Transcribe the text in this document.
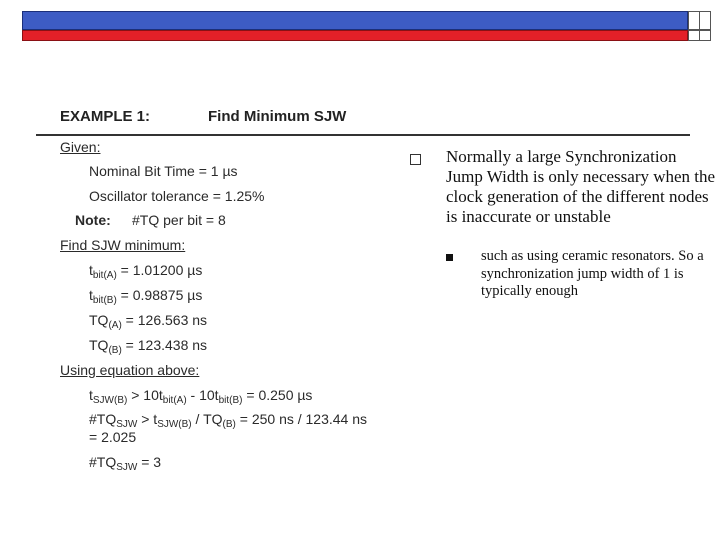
EXAMPLE 1:	Find Minimum SJW
Given:
Nominal Bit Time = 1 µs
Oscillator tolerance = 1.25%
Note: #TQ per bit = 8
Find SJW minimum:
$t_{bit(A)} = 1.01200$ µs
$t_{bit(B)} = 0.98875$ µs
$TQ_{(A)} = 126.563$ ns
$TQ_{(B)} = 123.438$ ns
Using equation above:
$t_{SJW(B)} > 10t_{bit(A)} - 10t_{bit(B)} = 0.250$ µs
$\#TQ_{SJW} > t_{SJW(B)} / TQ_{(B)} = 250$ ns / 123.44 ns
= 2.025
$\#TQ_{SJW} = 3$
Normally a large Synchronization Jump Width is only necessary when the clock generation of the different nodes is inaccurate or unstable
such as using ceramic resonators. So a synchronization jump width of 1 is typically enough
